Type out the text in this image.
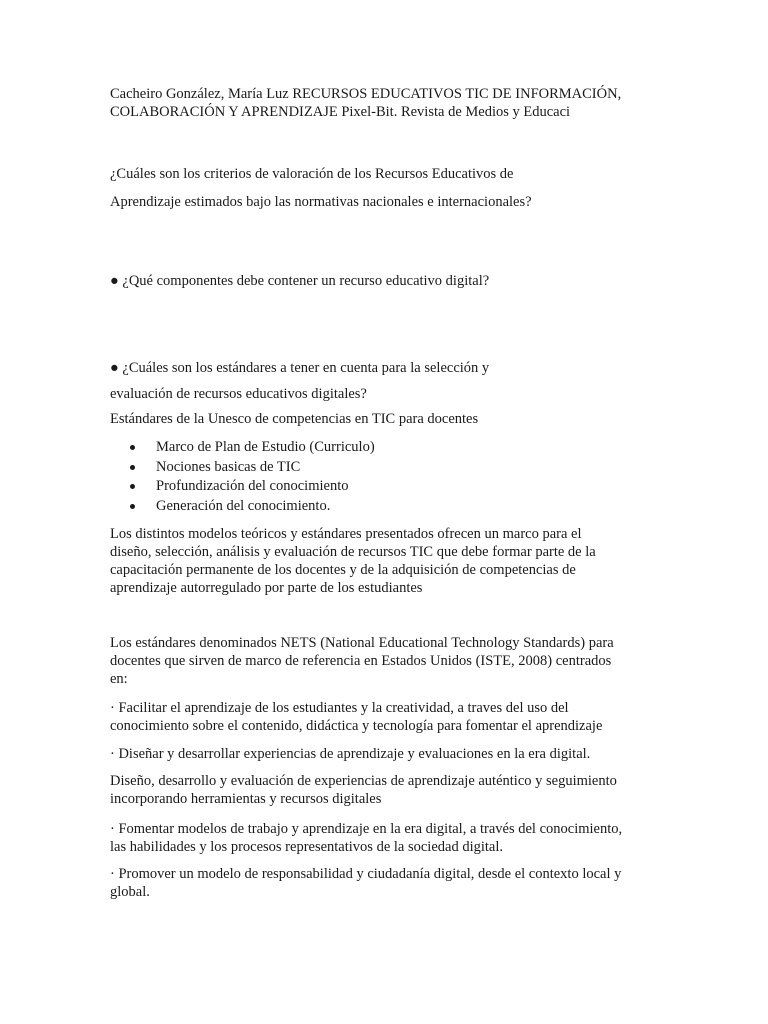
Cacheiro González, María Luz RECURSOS EDUCATIVOS TIC DE INFORMACIÓN,
COLABORACIÓN Y APRENDIZAJE Pixel-Bit. Revista de Medios y Educaci

¿Cuáles son los criterios de valoración de los Recursos Educativos de
Aprendizaje estimados bajo las normativas nacionales e internacionales?

● ¿Qué componentes debe contener un recurso educativo digital?

● ¿Cuáles son los estándares a tener en cuenta para la selección y
evaluación de recursos educativos digitales?

Estándares de la Unesco de competencias en TIC para docentes

Marco de Plan de Estudio (Curriculo)
Nociones basicas de TIC
Profundización del conocimiento
Generación del conocimiento.

Los distintos modelos teóricos y estándares presentados ofrecen un marco para el
diseño, selección, análisis y evaluación de recursos TIC que debe formar parte de la
capacitación permanente de los docentes y de la adquisición de competencias de
aprendizaje autorregulado por parte de los estudiantes

Los estándares denominados NETS (National Educational Technology Standards) para
docentes que sirven de marco de referencia en Estados Unidos (ISTE, 2008) centrados
en:

· Facilitar el aprendizaje de los estudiantes y la creatividad, a traves del uso del
conocimiento sobre el contenido, didáctica y tecnología para fomentar el aprendizaje

· Diseñar y desarrollar experiencias de aprendizaje y evaluaciones en la era digital.

Diseño, desarrollo y evaluación de experiencias de aprendizaje auténtico y seguimiento
incorporando herramientas y recursos digitales

· Fomentar modelos de trabajo y aprendizaje en la era digital, a través del conocimiento,
las habilidades y los procesos representativos de la sociedad digital.

· Promover un modelo de responsabilidad y ciudadanía digital, desde el contexto local y
global.
